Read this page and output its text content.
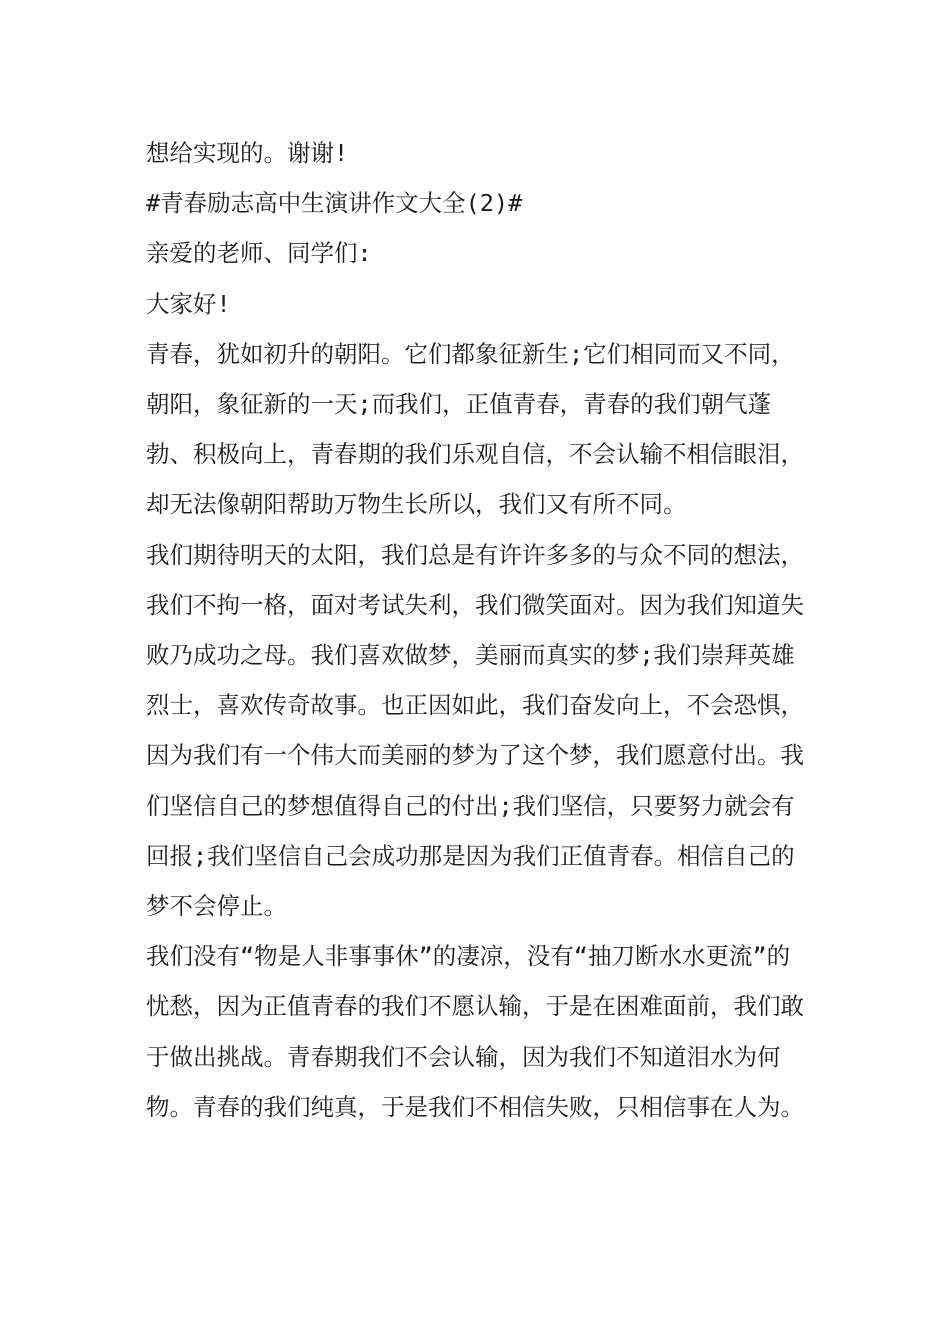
想给实现的。谢谢!

#青春励志高中生演讲作文大全(2)#

亲爱的老师、同学们:

大家好!

青春，犹如初升的朝阳。它们都象征新生;它们相同而又不同，朝阳，象征新的一天;而我们，正值青春，青春的我们朝气蓬勃、积极向上，青春期的我们乐观自信，不会认输不相信眼泪，却无法像朝阳帮助万物生长所以，我们又有所不同。

我们期待明天的太阳，我们总是有许许多多的与众不同的想法，我们不拘一格，面对考试失利，我们微笑面对。因为我们知道失败乃成功之母。我们喜欢做梦，美丽而真实的梦;我们崇拜英雄烈士，喜欢传奇故事。也正因如此，我们奋发向上，不会恐惧，因为我们有一个伟大而美丽的梦为了这个梦，我们愿意付出。我们坚信自己的梦想值得自己的付出;我们坚信，只要努力就会有回报;我们坚信自己会成功那是因为我们正值青春。相信自己的梦不会停止。

我们没有“物是人非事事休”的凄凉，没有“抽刀断水水更流”的忧愁，因为正值青春的我们不愿认输，于是在困难面前，我们敢于做出挑战。青春期我们不会认输，因为我们不知道泪水为何物。青春的我们纯真，于是我们不相信失败，只相信事在人为。
